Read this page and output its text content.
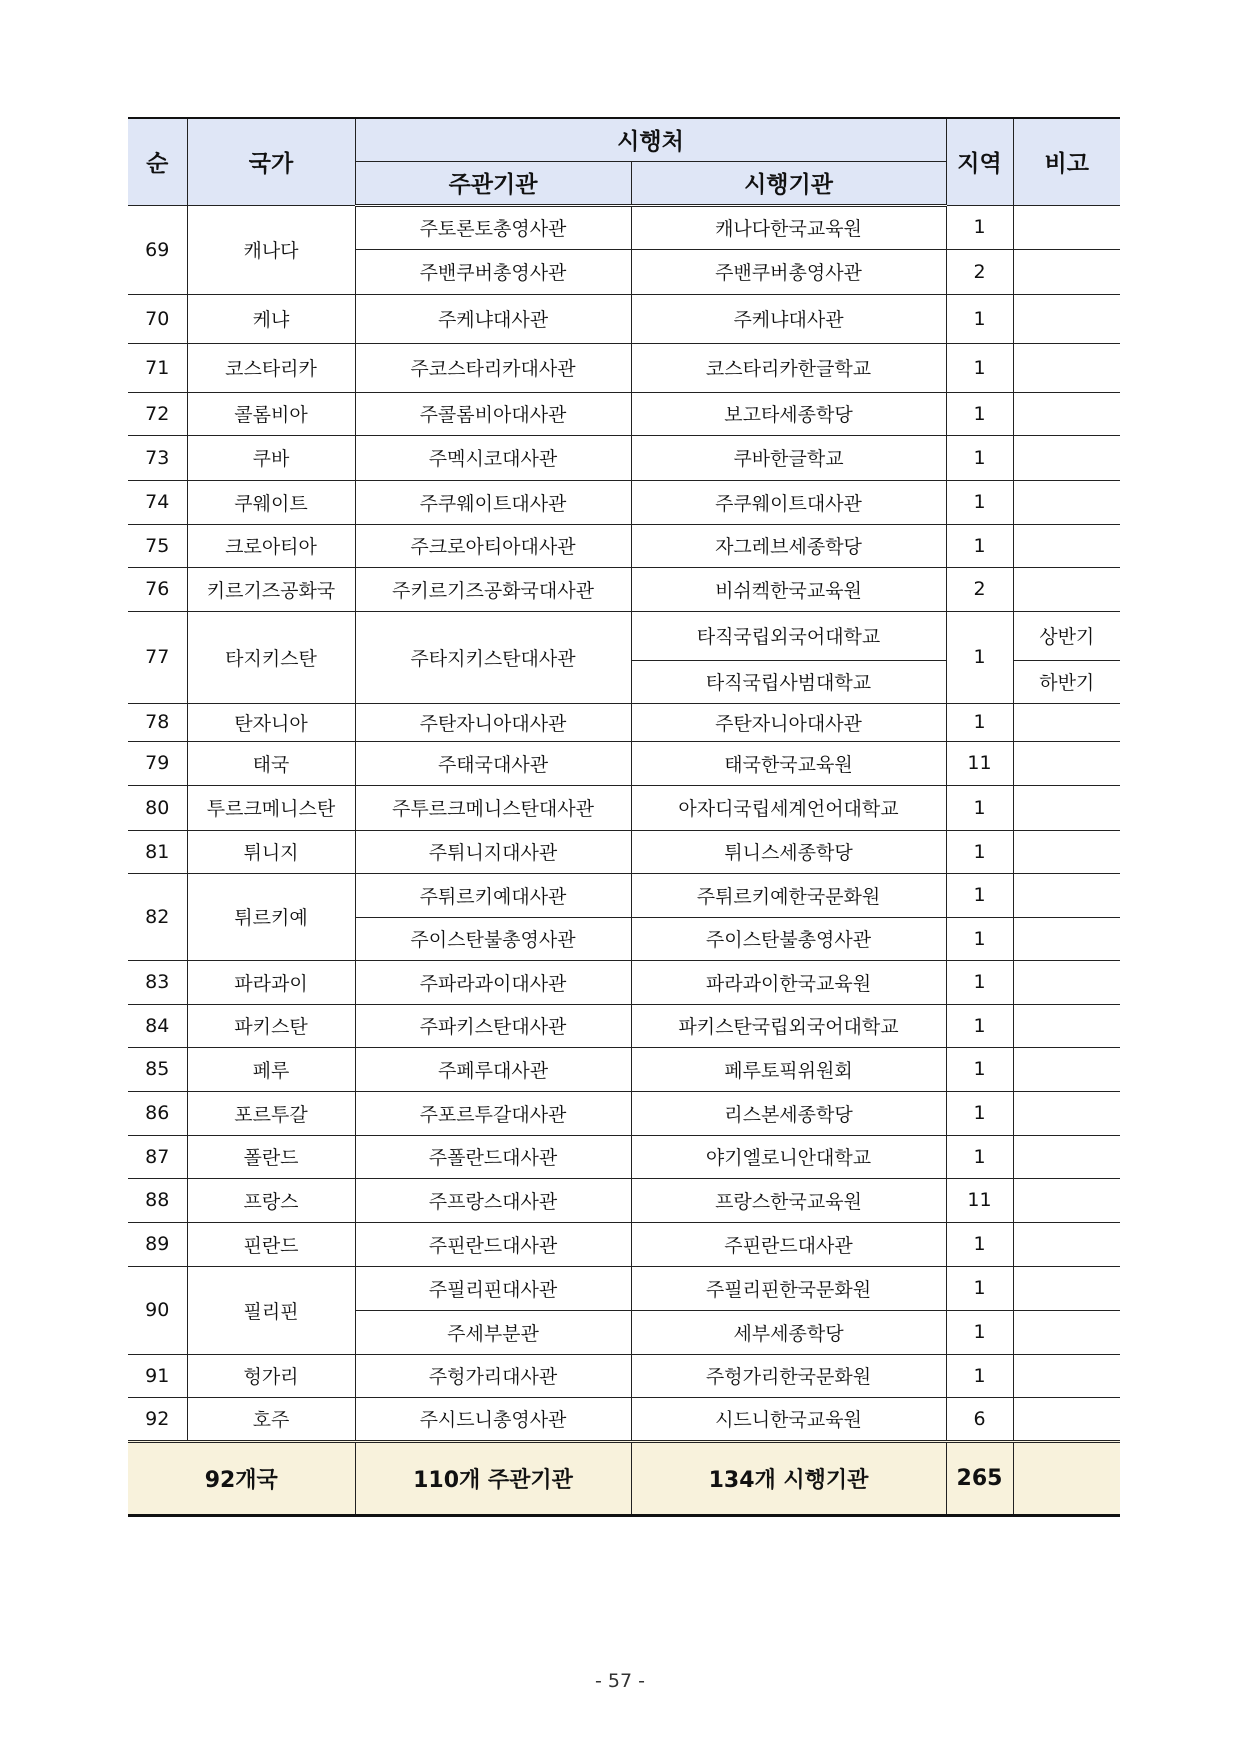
순	국가	시행처		지역	비고
		주관기관	시행기관		
69	캐나다	주토론토총영사관	캐나다한국교육원	1	
		주밴쿠버총영사관	주밴쿠버총영사관	2	
70	케냐	주케냐대사관	주케냐대사관	1	
71	코스타리카	주코스타리카대사관	코스타리카한글학교	1	
72	콜롬비아	주콜롬비아대사관	보고타세종학당	1	
73	쿠바	주멕시코대사관	쿠바한글학교	1	
74	쿠웨이트	주쿠웨이트대사관	주쿠웨이트대사관	1	
75	크로아티아	주크로아티아대사관	자그레브세종학당	1	
76	키르기즈공화국	주키르기즈공화국대사관	비쉬켁한국교육원	2	
77	타지키스탄	주타지키스탄대사관	타직국립외국어대학교	1	상반기
			타직국립사범대학교		하반기
78	탄자니아	주탄자니아대사관	주탄자니아대사관	1	
79	태국	주태국대사관	태국한국교육원	11	
80	투르크메니스탄	주투르크메니스탄대사관	아자디국립세계언어대학교	1	
81	튀니지	주튀니지대사관	튀니스세종학당	1	
82	튀르키예	주튀르키예대사관	주튀르키예한국문화원	1	
		주이스탄불총영사관	주이스탄불총영사관	1	
83	파라과이	주파라과이대사관	파라과이한국교육원	1	
84	파키스탄	주파키스탄대사관	파키스탄국립외국어대학교	1	
85	페루	주페루대사관	페루토픽위원회	1	
86	포르투갈	주포르투갈대사관	리스본세종학당	1	
87	폴란드	주폴란드대사관	야기엘로니안대학교	1	
88	프랑스	주프랑스대사관	프랑스한국교육원	11	
89	핀란드	주핀란드대사관	주핀란드대사관	1	
90	필리핀	주필리핀대사관	주필리핀한국문화원	1	
		주세부분관	세부세종학당	1	
91	헝가리	주헝가리대사관	주헝가리한국문화원	1	
92	호주	주시드니총영사관	시드니한국교육원	6	
92개국		110개 주관기관	134개 시행기관	265	
- 57 -
